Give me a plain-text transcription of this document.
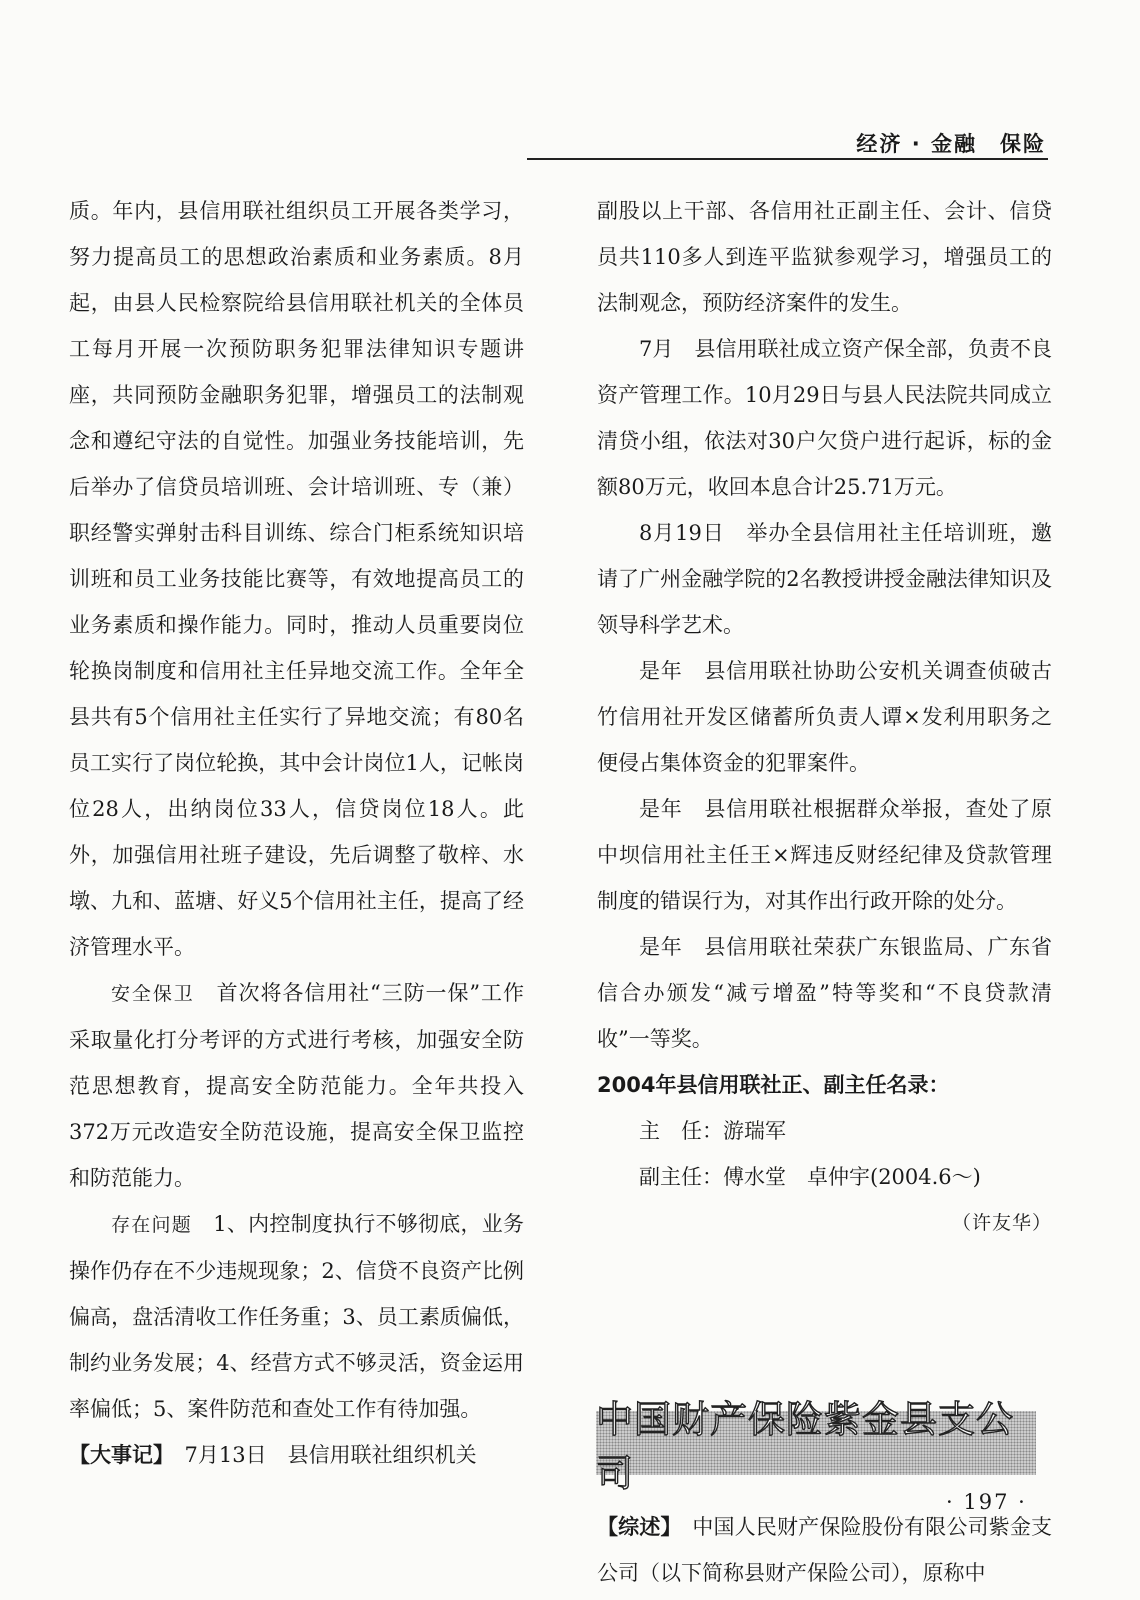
经济 · 金融　保险

质。年内，县信用联社组织员工开展各类学习，努力提高员工的思想政治素质和业务素质。8月起，由县人民检察院给县信用联社机关的全体员工每月开展一次预防职务犯罪法律知识专题讲座，共同预防金融职务犯罪，增强员工的法制观念和遵纪守法的自觉性。加强业务技能培训，先后举办了信贷员培训班、会计培训班、专（兼）职经警实弹射击科目训练、综合门柜系统知识培训班和员工业务技能比赛等，有效地提高员工的业务素质和操作能力。同时，推动人员重要岗位轮换岗制度和信用社主任异地交流工作。全年全县共有5个信用社主任实行了异地交流；有80名员工实行了岗位轮换，其中会计岗位1人，记帐岗位28人，出纳岗位33人，信贷岗位18人。此外，加强信用社班子建设，先后调整了敬梓、水墩、九和、蓝塘、好义5个信用社主任，提高了经济管理水平。

安全保卫　 首次将各信用社“三防一保”工作采取量化打分考评的方式进行考核，加强安全防范思想教育，提高安全防范能力。全年共投入372万元改造安全防范设施，提高安全保卫监控和防范能力。

存在问题　 1、内控制度执行不够彻底，业务操作仍存在不少违规现象；2、信贷不良资产比例偏高，盘活清收工作任务重；3、员工素质偏低，制约业务发展；4、经营方式不够灵活，资金运用率偏低；5、案件防范和查处工作有待加强。

【大事记】　 7月13日　 县信用联社组织机关

副股以上干部、各信用社正副主任、会计、信贷员共110多人到连平监狱参观学习，增强员工的法制观念，预防经济案件的发生。

7月　 县信用联社成立资产保全部，负责不良资产管理工作。10月29日与县人民法院共同成立清贷小组，依法对30户欠贷户进行起诉，标的金额80万元，收回本息合计25.71万元。

8月19日　 举办全县信用社主任培训班，邀请了广州金融学院的2名教授讲授金融法律知识及领导科学艺术。

是年　 县信用联社协助公安机关调查侦破古竹信用社开发区储蓄所负责人谭×发利用职务之便侵占集体资金的犯罪案件。

是年　 县信用联社根据群众举报，查处了原中坝信用社主任王×辉违反财经纪律及贷款管理制度的错误行为，对其作出行政开除的处分。

是年　 县信用联社荣获广东银监局、广东省信合办颁发“减亏增盈”特等奖和“不良贷款清收”一等奖。

2004年县信用联社正、副主任名录：

主　任：游瑞军

副主任：傅水堂　卓仲宇(2004.6～)

（许友华）

中国财产保险紫金县支公司

【综述】　 中国人民财产保险股份有限公司紫金支公司（以下简称县财产保险公司），原称中

· 197 ·
